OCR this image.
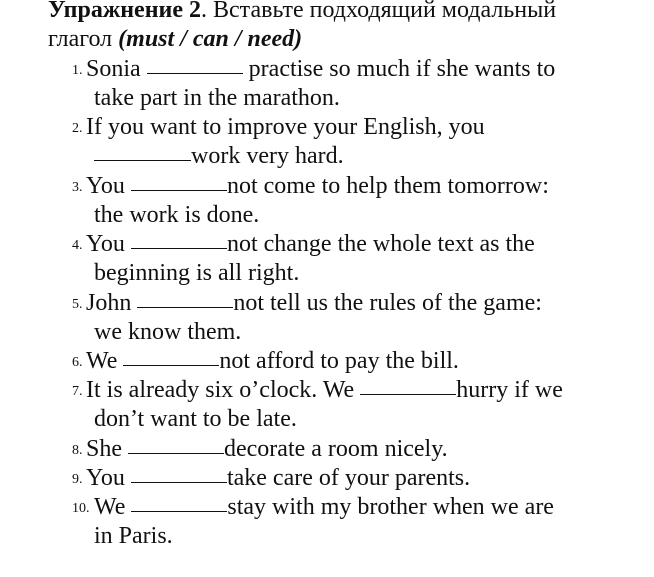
Упражнение 2. Вставьте подходящий модальный
глагол (must / can / need)
1. Sonia	practise so much if she wants to
take part in the marathon.
2. If you want to improve your English, you
work very hard.
3. You	not come to help them tomorrow:
the work is done.
4. You	not change the whole text as the
beginning is all right.
5. John	not tell us the rules of the game:
we know them.
6. We	not afford to pay the bill.
7. It is already six o’clock. We	hurry if we
don’t want to be late.
8. She	decorate a room nicely.
9. You	take care of your parents.
10. We	stay with my brother when we are
in Paris.
